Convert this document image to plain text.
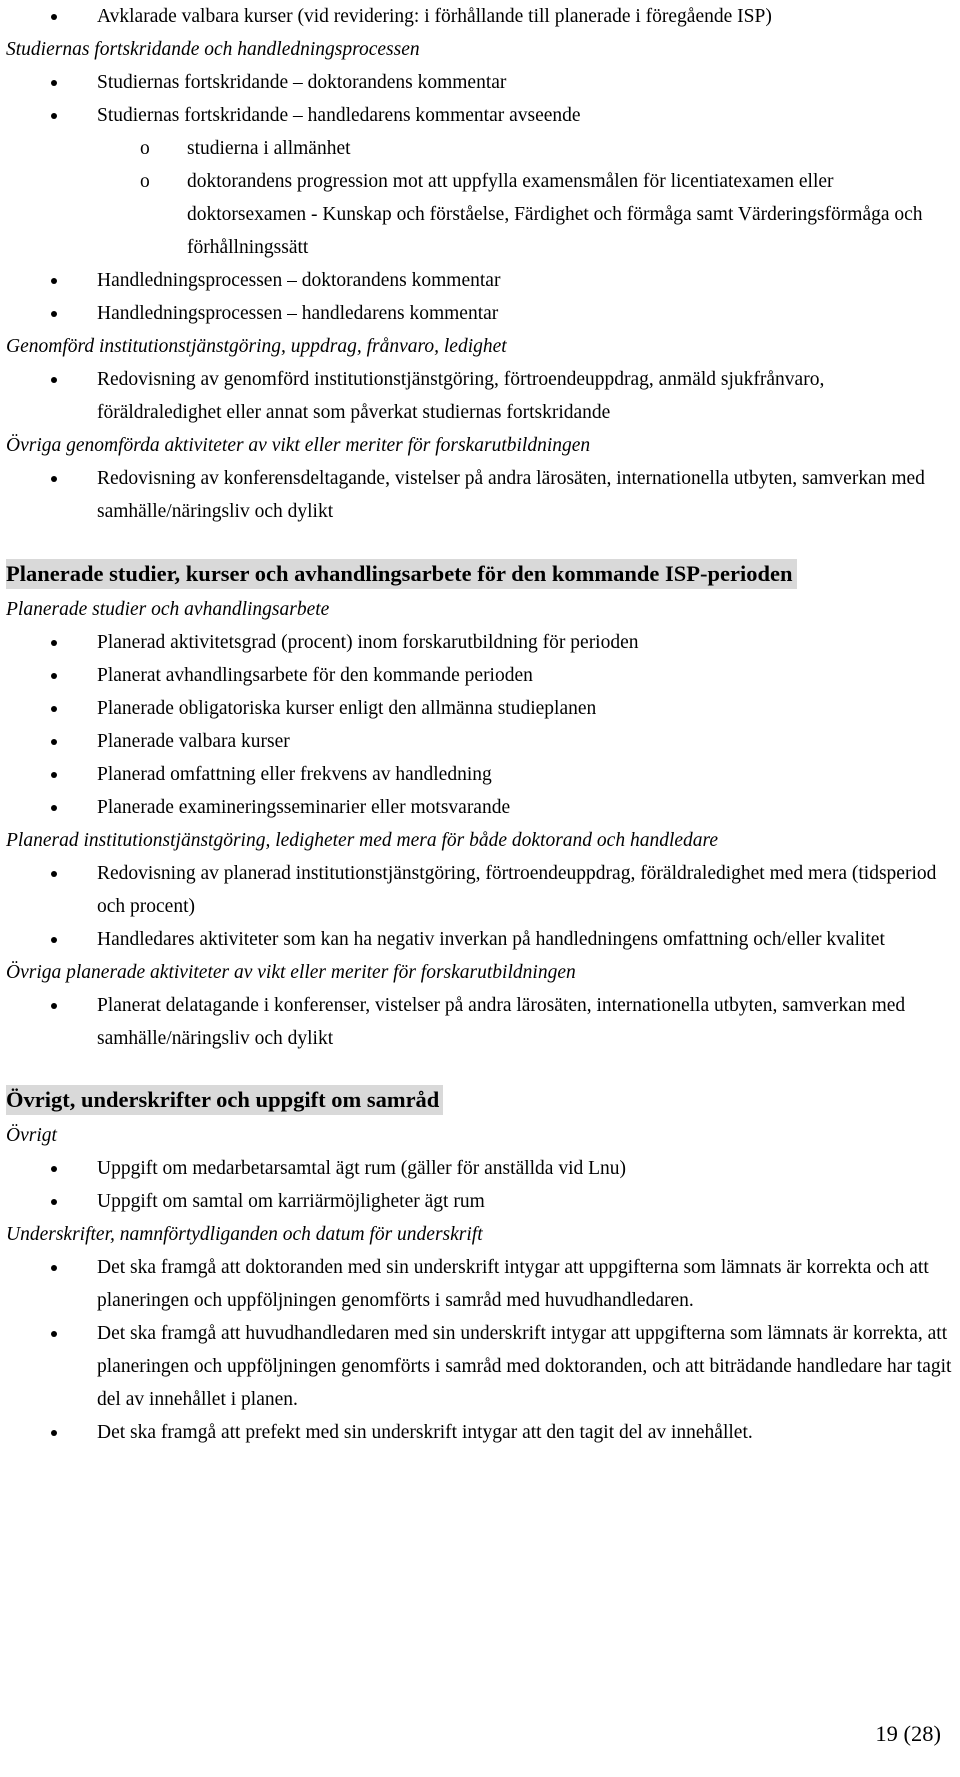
Avklarade valbara kurser (vid revidering: i förhållande till planerade i föregående ISP)
Studiernas fortskridande och handledningsprocessen
Studiernas fortskridande – doktorandens kommentar
Studiernas fortskridande – handledarens kommentar avseende
o studierna i allmänhet
o doktorandens progression mot att uppfylla examensmålen för licentiatexamen eller doktorsexamen - Kunskap och förståelse, Färdighet och förmåga samt Värderingsförmåga och förhållningssätt
Handledningsprocessen – doktorandens kommentar
Handledningsprocessen – handledarens kommentar
Genomförd institutionstjänstgöring, uppdrag, frånvaro, ledighet
Redovisning av genomförd institutionstjänstgöring, förtroendeuppdrag, anmäld sjukfrånvaro, föräldraledighet eller annat som påverkat studiernas fortskridande
Övriga genomförda aktiviteter av vikt eller meriter för forskarutbildningen
Redovisning av konferensdeltagande, vistelser på andra lärosäten, internationella utbyten, samverkan med samhälle/näringsliv och dylikt
Planerade studier, kurser och avhandlingsarbete för den kommande ISP-perioden
Planerade studier och avhandlingsarbete
Planerad aktivitetsgrad (procent) inom forskarutbildning för perioden
Planerat avhandlingsarbete för den kommande perioden
Planerade obligatoriska kurser enligt den allmänna studieplanen
Planerade valbara kurser
Planerad omfattning eller frekvens av handledning
Planerade examineringsseminarier eller motsvarande
Planerad institutionstjänstgöring, ledigheter med mera för både doktorand och handledare
Redovisning av planerad institutionstjänstgöring, förtroendeuppdrag, föräldraledighet med mera (tidsperiod och procent)
Handledares aktiviteter som kan ha negativ inverkan på handledningens omfattning och/eller kvalitet
Övriga planerade aktiviteter av vikt eller meriter för forskarutbildningen
Planerat delatagande i konferenser, vistelser på andra lärosäten, internationella utbyten, samverkan med samhälle/näringsliv och dylikt
Övrigt, underskrifter och uppgift om samråd
Övrigt
Uppgift om medarbetarsamtal ägt rum (gäller för anställda vid Lnu)
Uppgift om samtal om karriärmöjligheter ägt rum
Underskrifter, namnförtydliganden och datum för underskrift
Det ska framgå att doktoranden med sin underskrift intygar att uppgifterna som lämnats är korrekta och att planeringen och uppföljningen genomförts i samråd med huvudhandledaren.
Det ska framgå att huvudhandledaren med sin underskrift intygar att uppgifterna som lämnats är korrekta, att planeringen och uppföljningen genomförts i samråd med doktoranden, och att biträdande handledare har tagit del av innehållet i planen.
Det ska framgå att prefekt med sin underskrift intygar att den tagit del av innehållet.
19 (28)
